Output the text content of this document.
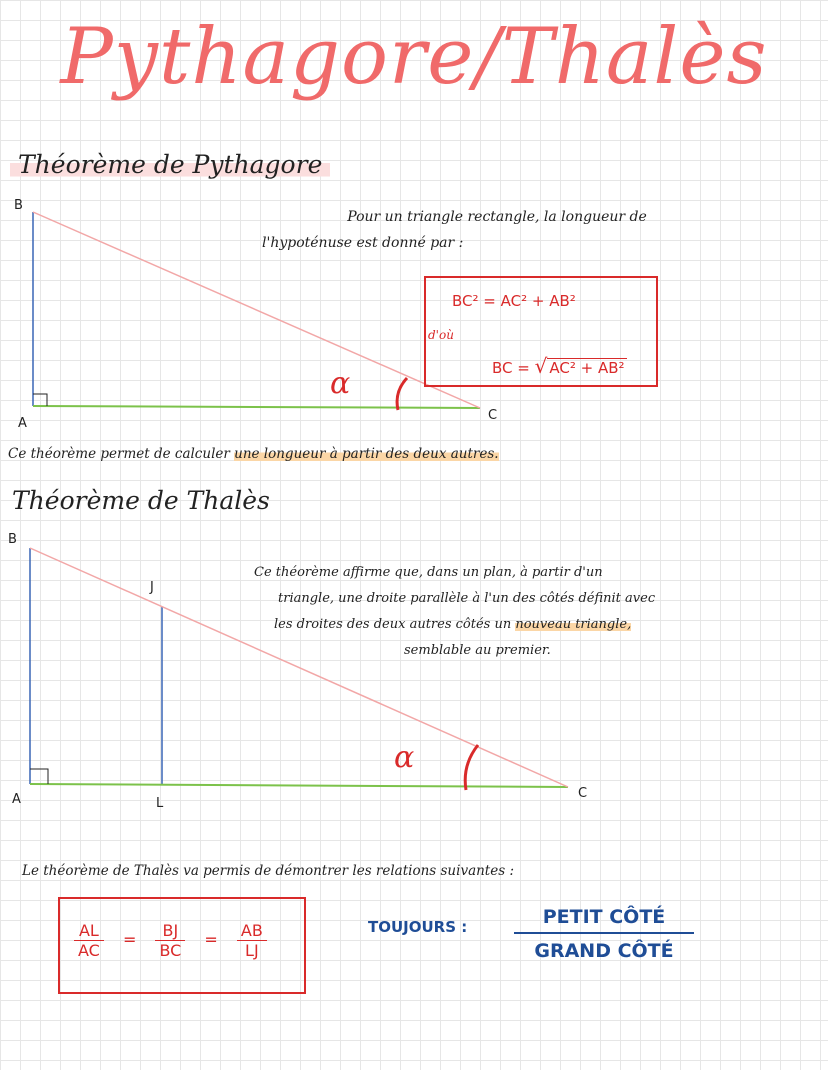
Pythagore/Thalès
Théorème de Pythagore
B
A
C
α
Pour un triangle rectangle, la longueur de
l'hypoténuse est donné par :
BC² = AC² + AB²
d'où
BC = √ AC² + AB²
Ce théorème permet de calculer une longueur à partir des deux autres.
Théorème de Thalès
B
A	C
J
L
α
Ce théorème affirme que, dans un plan, à partir d'un
triangle, une droite parallèle à l'un des côtés définit avec
les droites des deux autres côtés un nouveau triangle,
semblable au premier.
Le théorème de Thalès va permis de démontrer les relations suivantes :
$\frac{AL}{AC} = \frac{BJ}{BC} = \frac{AB}{LJ}$	TOUJOURS :	PETIT CÔTÉ
GRAND CÔTÉ
